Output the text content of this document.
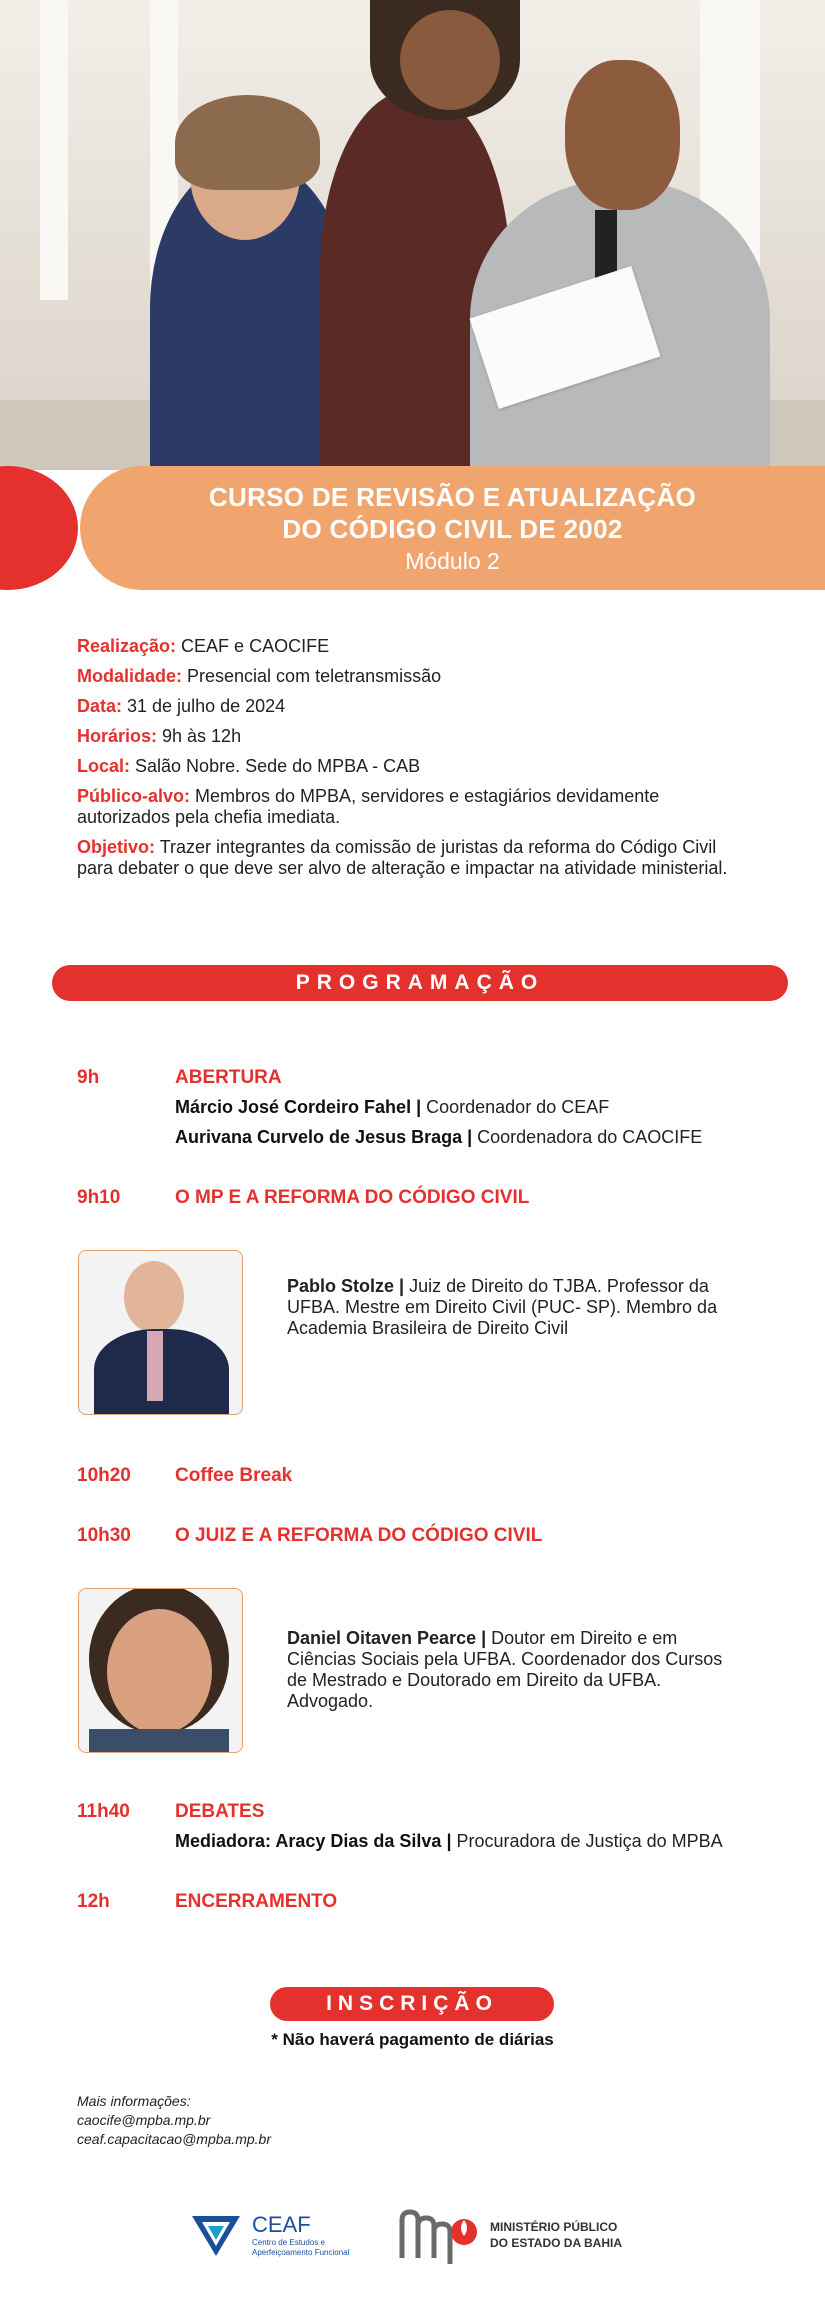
CURSO DE REVISÃO E ATUALIZAÇÃO
DO CÓDIGO CIVIL DE 2002
Módulo 2
Realização: CEAF e CAOCIFE
Modalidade: Presencial com teletransmissão
Data: 31 de julho de 2024
Horários: 9h às 12h
Local: Salão Nobre. Sede do MPBA - CAB
Público-alvo: Membros do MPBA, servidores e estagiários devidamente autorizados pela chefia imediata.
Objetivo: Trazer integrantes da comissão de juristas da reforma do Código Civil para debater o que deve ser alvo de alteração e impactar na atividade ministerial.
PROGRAMAÇÃO
9h	ABERTURA
Márcio José Cordeiro Fahel | Coordenador do CEAF
Aurivana Curvelo de Jesus Braga | Coordenadora do CAOCIFE
9h10	O MP E A REFORMA DO CÓDIGO CIVIL
Pablo Stolze | Juiz de Direito do TJBA. Professor da UFBA. Mestre em Direito Civil (PUC- SP). Membro da Academia Brasileira de Direito Civil
10h20 Coffee Break
10h30 O JUIZ E A REFORMA DO CÓDIGO CIVIL
Daniel Oitaven Pearce | Doutor em Direito e em Ciências Sociais pela UFBA. Coordenador dos Cursos de Mestrado e Doutorado em Direito da UFBA. Advogado.
11h40 DEBATES
Mediadora: Aracy Dias da Silva | Procuradora de Justiça do MPBA
12h	ENCERRAMENTO
INSCRIÇÃO
* Não haverá pagamento de diárias
Mais informações:
caocife@mpba.mp.br
ceaf.capacitacao@mpba.mp.br
CEAF
Centro de Estudos e
Aperfeiçoamento Funcional
MINISTÉRIO PÚBLICO
DO ESTADO DA BAHIA
